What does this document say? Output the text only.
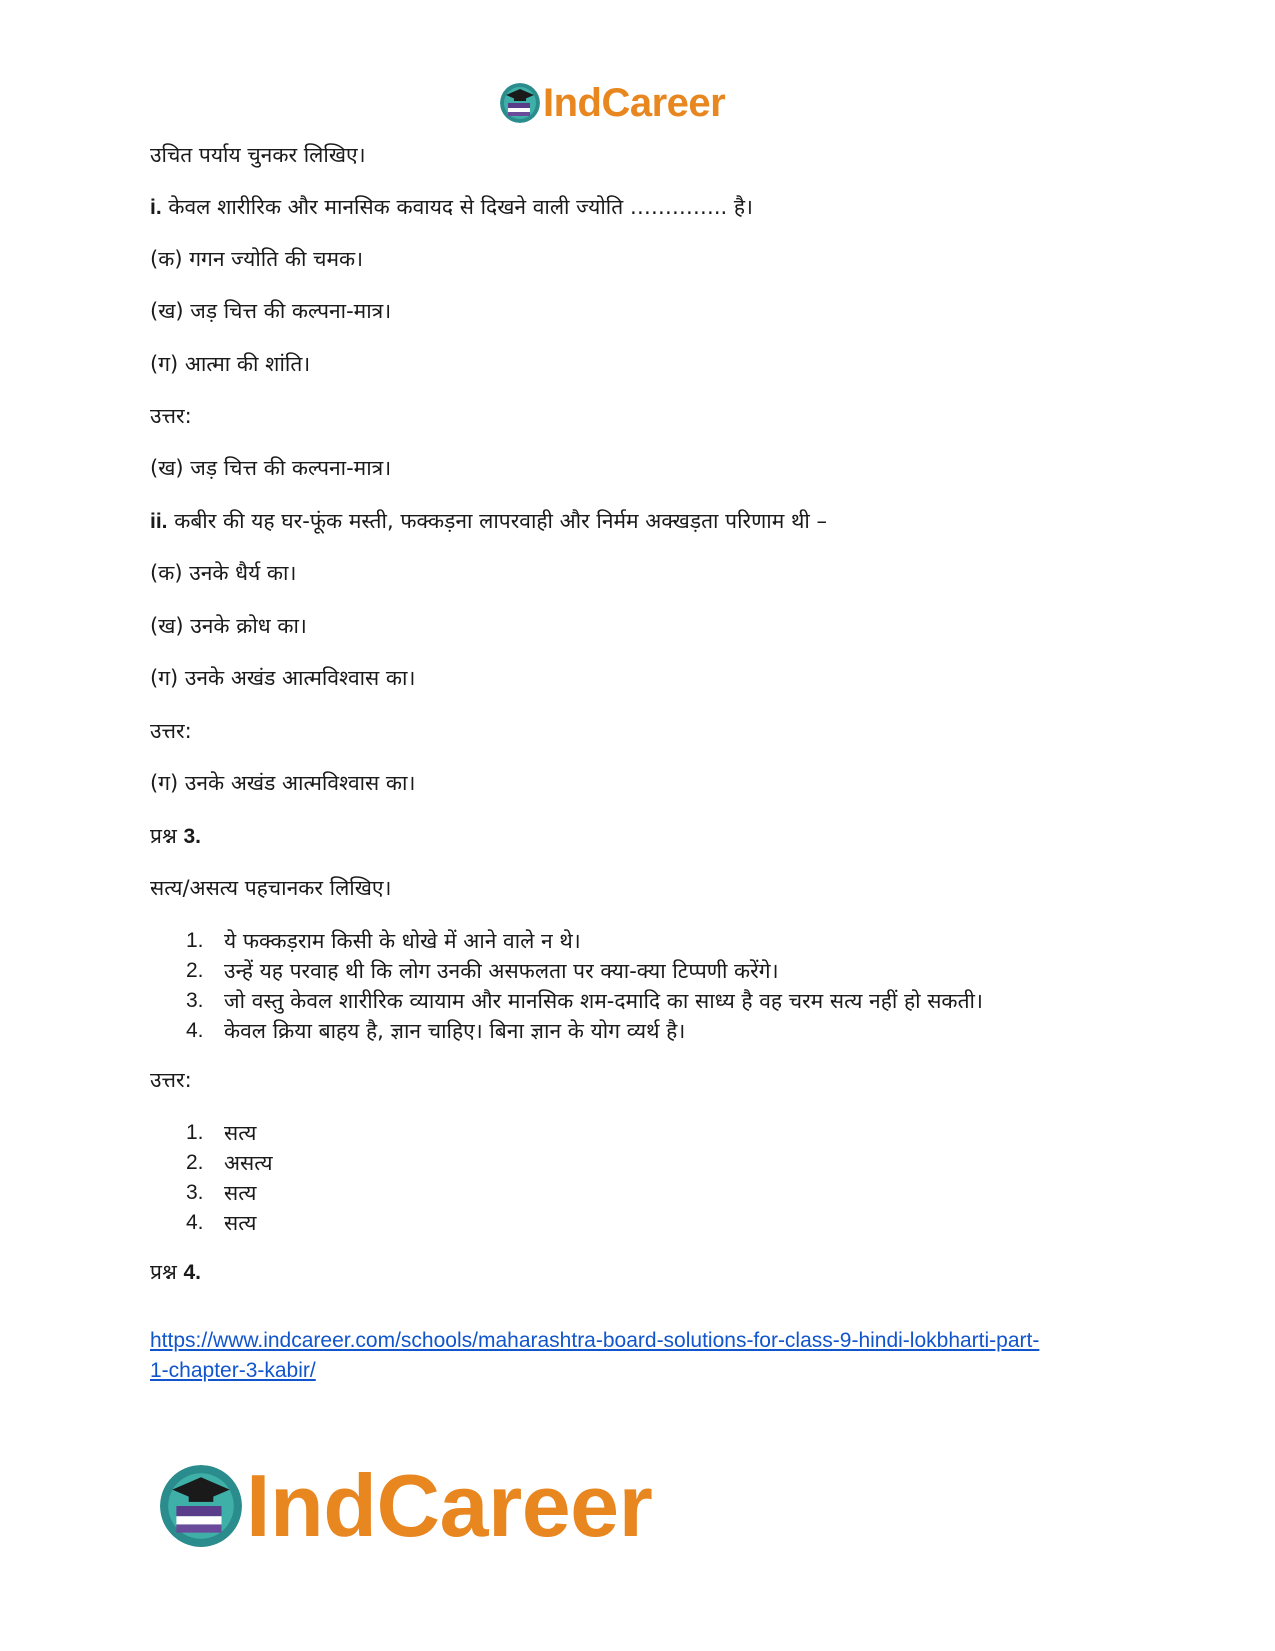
IndCareer
उचित पर्याय चुनकर लिखिए।
i. केवल शारीरिक और मानसिक कवायद से दिखने वाली ज्योति ………….. है।
(क) गगन ज्योति की चमक।
(ख) जड़ चित्त की कल्पना-मात्र।
(ग) आत्मा की शांति।
उत्तर:
(ख) जड़ चित्त की कल्पना-मात्र।
ii. कबीर की यह घर-फूंक मस्ती, फक्कड़ना लापरवाही और निर्मम अक्खड़ता परिणाम थी –
(क) उनके धैर्य का।
(ख) उनके क्रोध का।
(ग) उनके अखंड आत्मविश्वास का।
उत्तर:
(ग) उनके अखंड आत्मविश्वास का।
प्रश्न 3.
सत्य/असत्य पहचानकर लिखिए।
1. ये फक्कड़राम किसी के धोखे में आने वाले न थे।
2. उन्हें यह परवाह थी कि लोग उनकी असफलता पर क्या-क्या टिप्पणी करेंगे।
3. जो वस्तु केवल शारीरिक व्यायाम और मानसिक शम-दमादि का साध्य है वह चरम सत्य नहीं हो सकती।
4. केवल क्रिया बाहय है, ज्ञान चाहिए। बिना ज्ञान के योग व्यर्थ है।
उत्तर:
1. सत्य
2. असत्य
3. सत्य
4. सत्य
प्रश्न 4.
https://www.indcareer.com/schools/maharashtra-board-solutions-for-class-9-hindi-lokbharti-part-
1-chapter-3-kabir/
IndCareer
